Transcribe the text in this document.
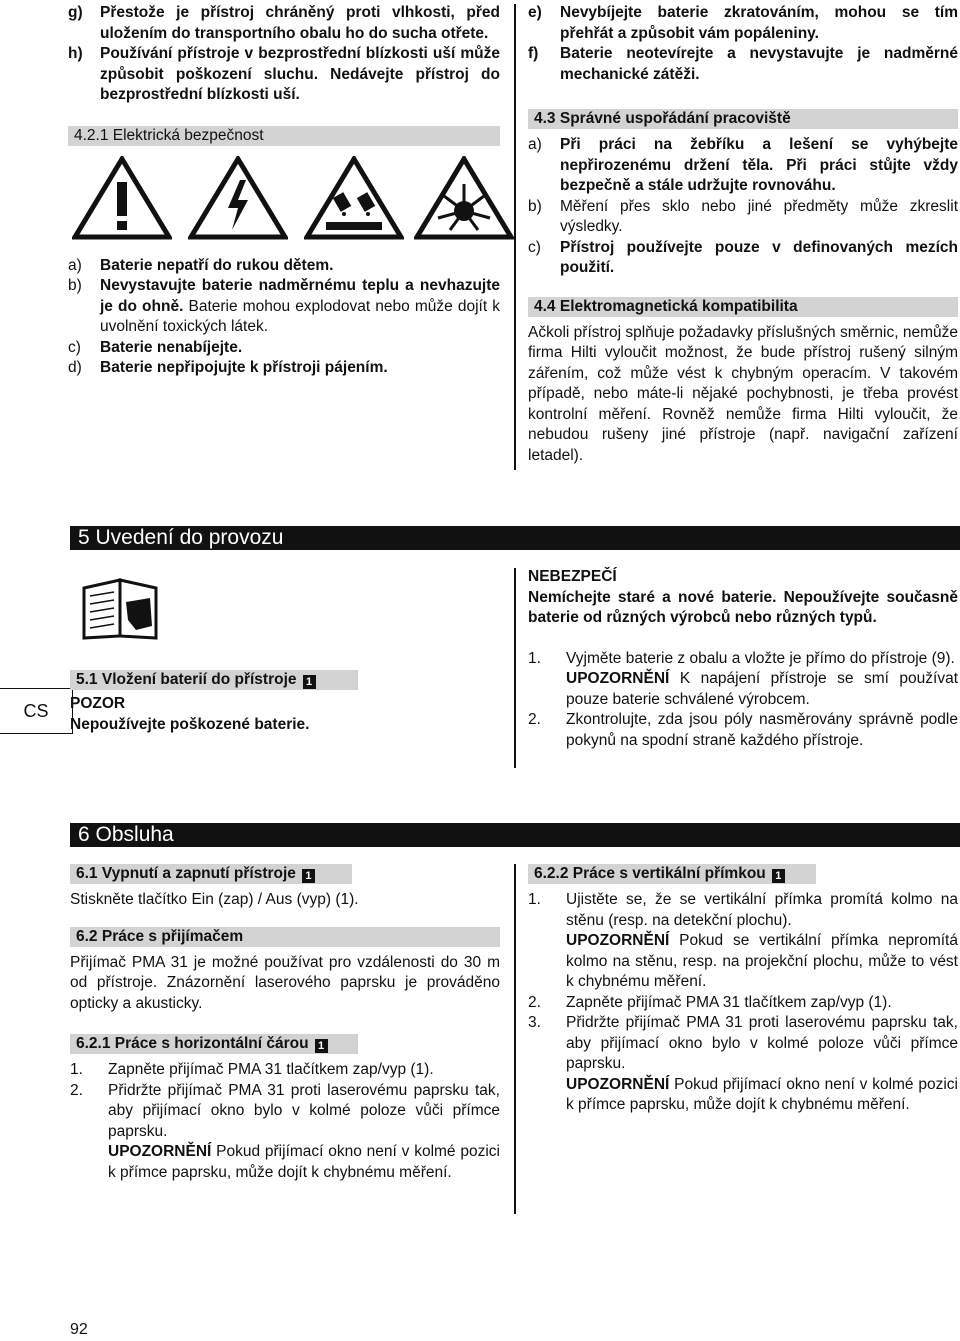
g)	Přestože je přístroj chráněný proti vlhkosti, před uložením do transportního obalu ho do sucha otřete.
h)	Používání přístroje v bezprostřední blízkosti uší může způsobit poškození sluchu. Nedávejte přístroj do bezprostřední blízkosti uší.
4.2.1 Elektrická bezpečnost
a)	Baterie nepatří do rukou dětem.
b)	Nevystavujte baterie nadměrnému teplu a nevhazujte je do ohně. Baterie mohou explodovat nebo může dojít k uvolnění toxických látek.
c)	Baterie nenabíjejte.
d)	Baterie nepřipojujte k přístroji pájením.
e)	Nevybíjejte baterie zkratováním, mohou se tím přehřát a způsobit vám popáleniny.
f)	Baterie neotevírejte a nevystavujte je nadměrné mechanické zátěži.
4.3 Správné uspořádání pracoviště
a)	Při práci na žebříku a lešení se vyhýbejte nepřirozenému držení těla. Při práci stůjte vždy bezpečně a stále udržujte rovnováhu.
b)	Měření přes sklo nebo jiné předměty může zkreslit výsledky.
c)	Přístroj používejte pouze v definovaných mezích použití.
4.4 Elektromagnetická kompatibilita

Ačkoli přístroj splňuje požadavky příslušných směrnic, nemůže firma Hilti vyloučit možnost, že bude přístroj rušený silným zářením, což může vést k chybným operacím. V takovém případě, nebo máte-li nějaké pochybnosti, je třeba provést kontrolní měření. Rovněž nemůže firma Hilti vyloučit, že nebudou rušeny jiné přístroje (např. navigační zařízení letadel).

5 Uvedení do provozu
CS
5.1 Vložení baterií do přístroje 1

POZOR

Nepoužívejte poškozené baterie.

NEBEZPEČÍ

Nemíchejte staré a nové baterie. Nepoužívejte současně baterie od různých výrobců nebo různých typů.

1.	Vyjměte baterie z obalu a vložte je přímo do přístroje (9).
UPOZORNĚNÍ K napájení přístroje se smí používat pouze baterie schválené výrobcem.
2.	Zkontrolujte, zda jsou póly nasměrovány správně podle pokynů na spodní straně každého přístroje.
6 Obsluha
6.1 Vypnutí a zapnutí přístroje 1

Stiskněte tlačítko Ein (zap) / Aus (vyp) (1).

6.2 Práce s přijímačem

Přijímač PMA 31 je možné používat pro vzdálenosti do 30 m od přístroje. Znázornění laserového paprsku je prováděno opticky a akusticky.

6.2.1 Práce s horizontální čárou 1
1.	Zapněte přijímač PMA 31 tlačítkem zap/vyp (1).
2.	Přidržte přijímač PMA 31 proti laserovému paprsku tak, aby přijímací okno bylo v kolmé poloze vůči přímce paprsku.
UPOZORNĚNÍ Pokud přijímací okno není v kolmé pozici k přímce paprsku, může dojít k chybnému měření.
6.2.2 Práce s vertikální přímkou 1
1.	Ujistěte se, že se vertikální přímka promítá kolmo na stěnu (resp. na detekční plochu).
UPOZORNĚNÍ Pokud se vertikální přímka nepromítá kolmo na stěnu, resp. na projekční plochu, může to vést k chybnému měření.
2.	Zapněte přijímač PMA 31 tlačítkem zap/vyp (1).
3.	Přidržte přijímač PMA 31 proti laserovému paprsku tak, aby přijímací okno bylo v kolmé poloze vůči přímce paprsku.
UPOZORNĚNÍ Pokud přijímací okno není v kolmé pozici k přímce paprsku, může dojít k chybnému měření.
92
